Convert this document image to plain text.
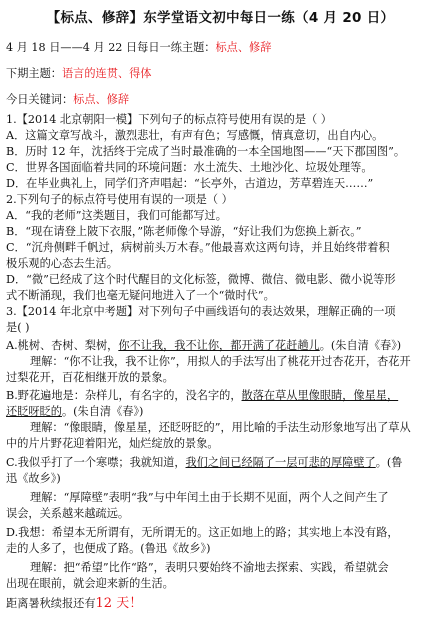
【标点、修辞】东学堂语文初中每日一练（4 月 20 日）
4 月 18 日——4 月 22 日每日一练主题：标点、修辞
下期主题：语言的连贯、得体
今日关键词：标点、修辞
1.【2014 北京朝阳一模】下列句子的标点符号使用有误的是（ ）
A．这篇文章写战斗，激烈悲壮，有声有色；写感慨，情真意切，出自内心。
B．历时 12 年，沈括终于完成了当时最准确的一本全国地图——“天下郡国图”。
C．世界各国面临着共同的环境问题：水土流失、土地沙化、垃圾处理等。
D．在毕业典礼上，同学们齐声唱起：“长亭外，古道边，芳草碧连天……”
2.下列句子的标点符号使用有误的一项是（ ）
A．“我的老师”这类题目，我们可能都写过。
B．“现在请登上陂下衣服，”陈老师像个导游，“好让我们为您换上新衣。”
C．“沉舟侧畔千帆过，病树前头万木春。”他最喜欢这两句诗，并且始终带着积
极乐观的心态去生活。
D．“微”已经成了这个时代醒目的文化标签，微博、微信、微电影、微小说等形
式不断涌现，我们也毫无疑问地进入了一个“微时代”。
3.【2014 年北京中考题】对下列句子中画线语句的表达效果，理解正确的一项
是( )
A.桃树、杏树、梨树，你不让我，我不让你，都开满了花赶趟儿。(朱自清《春》)
理解：“你不让我，我不让你”，用拟人的手法写出了桃花开过杏花开，杏花开
过梨花开，百花相继开放的景象。
B.野花遍地是：杂样儿，有名字的，没名字的，散落在草从里像眼睛，像星星，
还眨呀眨的。(朱自清《春》)
理解：“像眼睛，像星星，还眨呀眨的”，用比喻的手法生动形象地写出了草从
中的片片野花迎着阳光，灿烂绽放的景象。
C.我似乎打了一个寒噤；我就知道，我们之间已经隔了一层可悲的厚障壁了。(鲁
迅《故乡》)
理解：“厚障壁”表明“我”与中年闰土由于长期不见面，两个人之间产生了
误会，关系越来越疏远。
D.我想：希望本无所谓有，无所谓无的。这正如地上的路；其实地上本没有路，
走的人多了，也便成了路。(鲁迅《故乡》)
理解：把“希望”比作“路”，表明只要始终不渝地去探索、实践，希望就会
出现在眼前，就会迎来新的生活。
距离暑秋续报还有12 天！
